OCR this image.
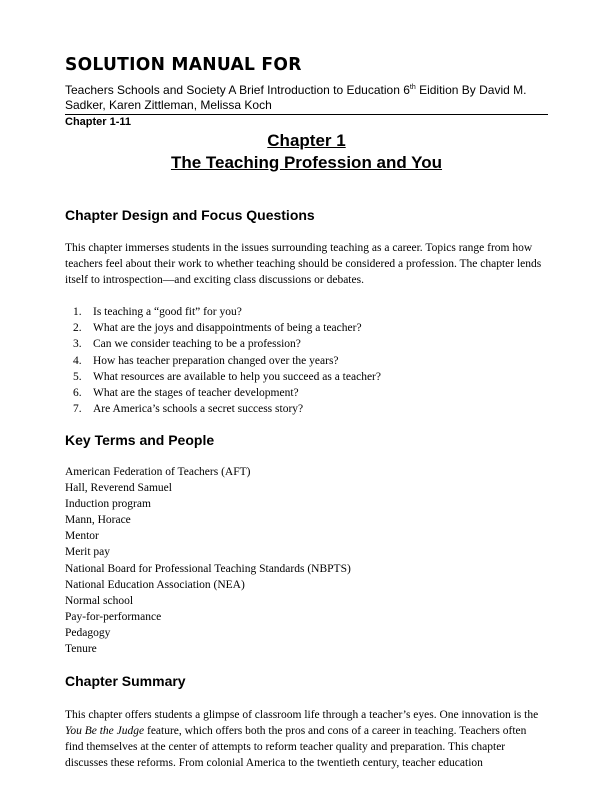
SOLUTION MANUAL FOR
Teachers Schools and Society A Brief Introduction to Education 6th Eidition By David M. Sadker, Karen Zittleman, Melissa Koch
Chapter 1-11
Chapter 1
The Teaching Profession and You
Chapter Design and Focus Questions
This chapter immerses students in the issues surrounding teaching as a career. Topics range from how teachers feel about their work to whether teaching should be considered a profession. The chapter lends itself to introspection—and exciting class discussions or debates.
1. Is teaching a “good fit” for you?
2. What are the joys and disappointments of being a teacher?
3. Can we consider teaching to be a profession?
4. How has teacher preparation changed over the years?
5. What resources are available to help you succeed as a teacher?
6. What are the stages of teacher development?
7. Are America’s schools a secret success story?
Key Terms and People
American Federation of Teachers (AFT)
Hall, Reverend Samuel
Induction program
Mann, Horace
Mentor
Merit pay
National Board for Professional Teaching Standards (NBPTS)
National Education Association (NEA)
Normal school
Pay-for-performance
Pedagogy
Tenure
Chapter Summary
This chapter offers students a glimpse of classroom life through a teacher’s eyes. One innovation is the You Be the Judge feature, which offers both the pros and cons of a career in teaching. Teachers often find themselves at the center of attempts to reform teacher quality and preparation. This chapter discusses these reforms. From colonial America to the twentieth century, teacher education
